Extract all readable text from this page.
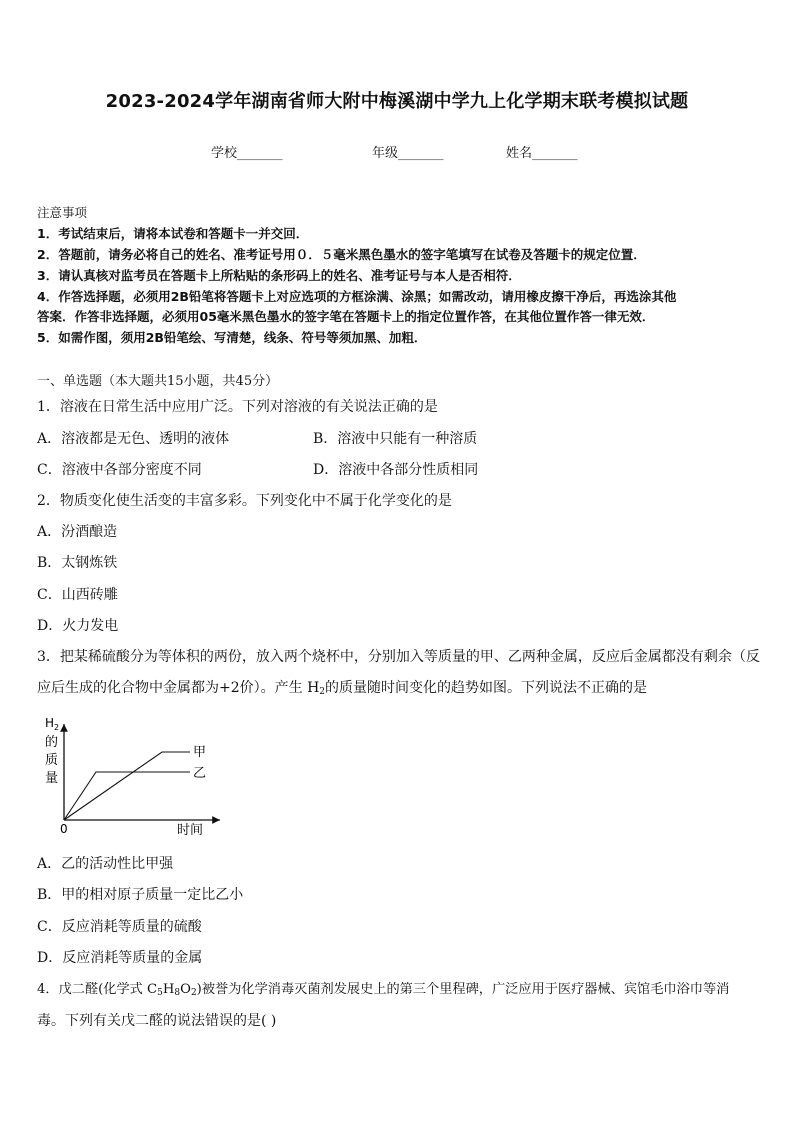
2023-2024学年湖南省师大附中梅溪湖中学九上化学期末联考模拟试题
学校_______	年级_______	姓名_______
注意事项
1．考试结束后，请将本试卷和答题卡一并交回．
2．答题前，请务必将自己的姓名、准考证号用０．５毫米黑色墨水的签字笔填写在试卷及答题卡的规定位置．
3．请认真核对监考员在答题卡上所粘贴的条形码上的姓名、准考证号与本人是否相符．
4．作答选择题，必须用2B铅笔将答题卡上对应选项的方框涂满、涂黑；如需改动，请用橡皮擦干净后，再选涂其他
答案．作答非选择题，必须用05毫米黑色墨水的签字笔在答题卡上的指定位置作答，在其他位置作答一律无效．
5．如需作图，须用2B铅笔绘、写清楚，线条、符号等须加黑、加粗．
一、单选题（本大题共15小题，共45分）
1．溶液在日常生活中应用广泛。下列对溶液的有关说法正确的是
A．溶液都是无色、透明的液体	B．溶液中只能有一种溶质
C．溶液中各部分密度不同	D．溶液中各部分性质相同
2．物质变化使生活变的丰富多彩。下列变化中不属于化学变化的是
A．汾酒酿造
B．太钢炼铁
C．山西砖雕
D．火力发电
3．把某稀硫酸分为等体积的两份，放入两个烧杯中，分别加入等质量的甲、乙两种金属，反应后金属都没有剩余（反
应后生成的化合物中金属都为+2价）。产生 $H_2$的质量随时间变化的趋势如图。下列说法不正确的是
$H_2$
的
质
量
0	时间
甲
乙
A．乙的活动性比甲强
B．甲的相对原子质量一定比乙小
C．反应消耗等质量的硫酸
D．反应消耗等质量的金属
4．戊二醛(化学式 $C_5H_8O_2$)被誉为化学消毒灭菌剂发展史上的第三个里程碑，广泛应用于医疗器械、宾馆毛巾浴巾等消
毒。下列有关戊二醛的说法错误的是( )
